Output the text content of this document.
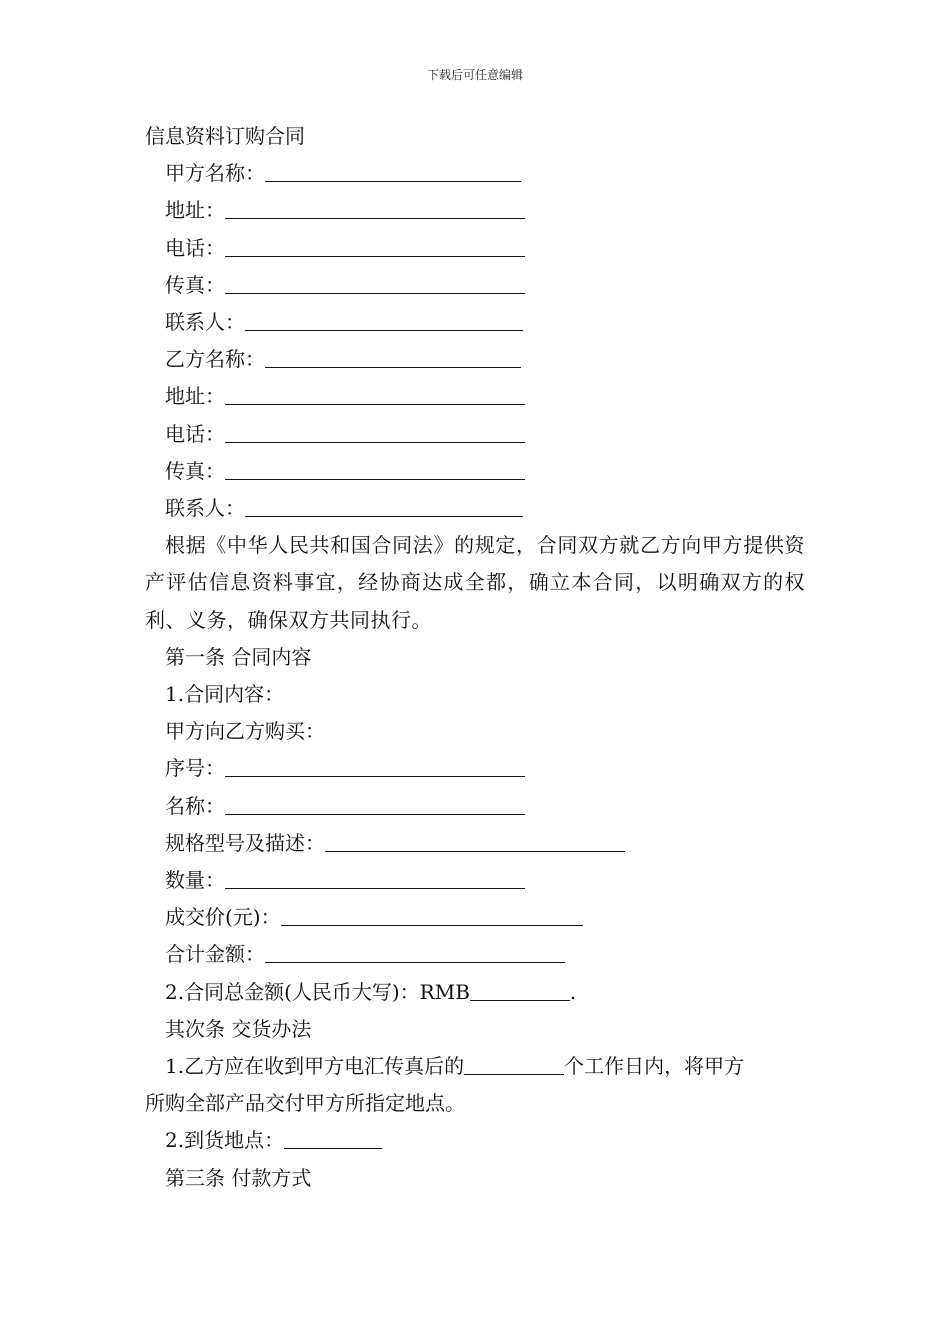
下载后可任意编辑

信息资料订购合同

甲方名称：

地址：

电话：

传真：

联系人：

乙方名称：

地址：

电话：

传真：

联系人：

根据《中华人民共和国合同法》的规定，合同双方就乙方向甲方提供资产评估信息资料事宜，经协商达成全都，确立本合同，以明确双方的权利、义务，确保双方共同执行。

第一条 合同内容

1.合同内容：

甲方向乙方购买：

序号：

名称：

规格型号及描述：

数量：

成交价(元)：

合计金额：

2.合同总金额(人民币大写)：RMB	.

其次条 交货办法

1.乙方应在收到甲方电汇传真后的	个工作日内，将甲方

所购全部产品交付甲方所指定地点。

2.到货地点：

第三条 付款方式
